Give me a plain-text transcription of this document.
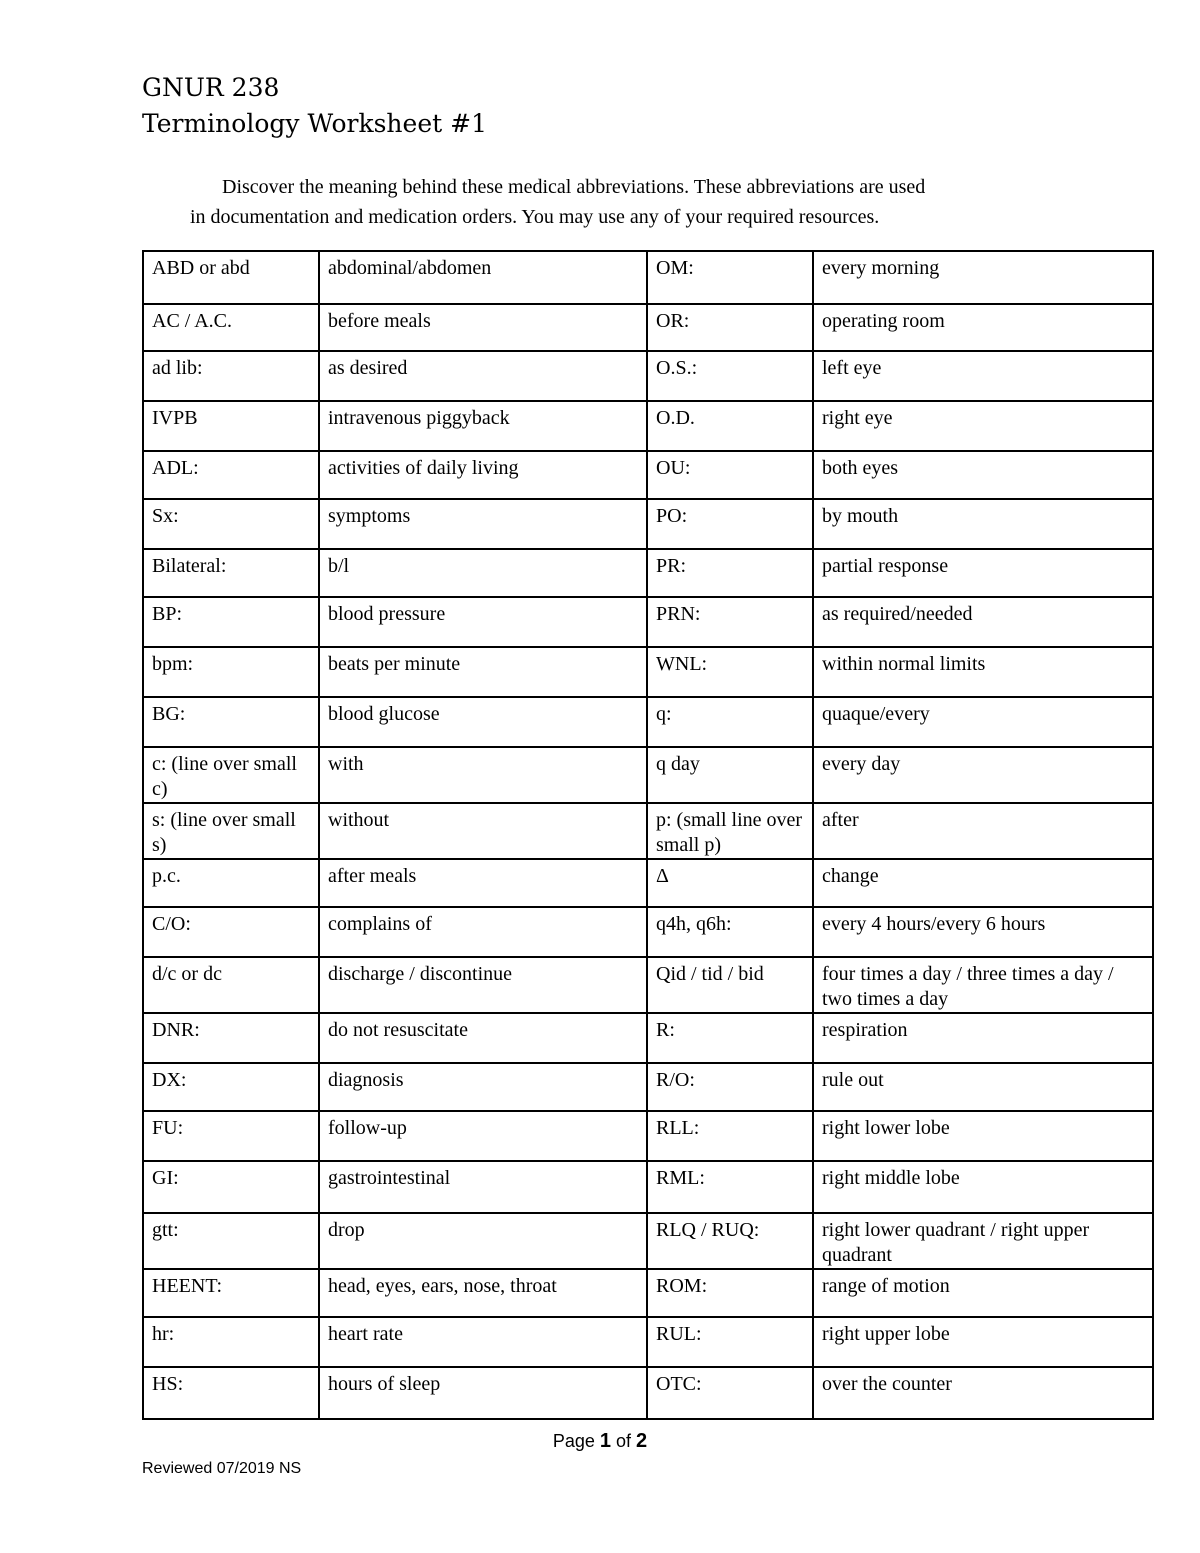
GNUR 238
Terminology Worksheet #1
Discover the meaning behind these medical abbreviations. These abbreviations are used
in documentation and medication orders. You may use any of your required resources.
ABD or abd	abdominal/abdomen	OM:	every morning
AC / A.C.	before meals	OR:	operating room
ad lib:	as desired	O.S.:	left eye
IVPB	intravenous piggyback	O.D.	right eye
ADL:	activities of daily living	OU:	both eyes
Sx:	symptoms	PO:	by mouth
Bilateral:	b/l	PR:	partial response
BP:	blood pressure	PRN:	as required/needed
bpm:	beats per minute	WNL:	within normal limits
BG:	blood glucose	q:	quaque/every
c: (line over small c)	with	q day	every day
s: (line over small s)	without	p: (small line over small p)	after
p.c.	after meals	Δ	change
C/O:	complains of	q4h, q6h:	every 4 hours/every 6 hours
d/c or dc	discharge / discontinue	Qid / tid / bid	four times a day / three times a day / two times a day
DNR:	do not resuscitate	R:	respiration
DX:	diagnosis	R/O:	rule out
FU:	follow-up	RLL:	right lower lobe
GI:	gastrointestinal	RML:	right middle lobe
gtt:	drop	RLQ / RUQ:	right lower quadrant / right upper quadrant
HEENT:	head, eyes, ears, nose, throat	ROM:	range of motion
hr:	heart rate	RUL:	right upper lobe
HS:	hours of sleep	OTC:	over the counter
Page 1 of 2
Reviewed 07/2019 NS
